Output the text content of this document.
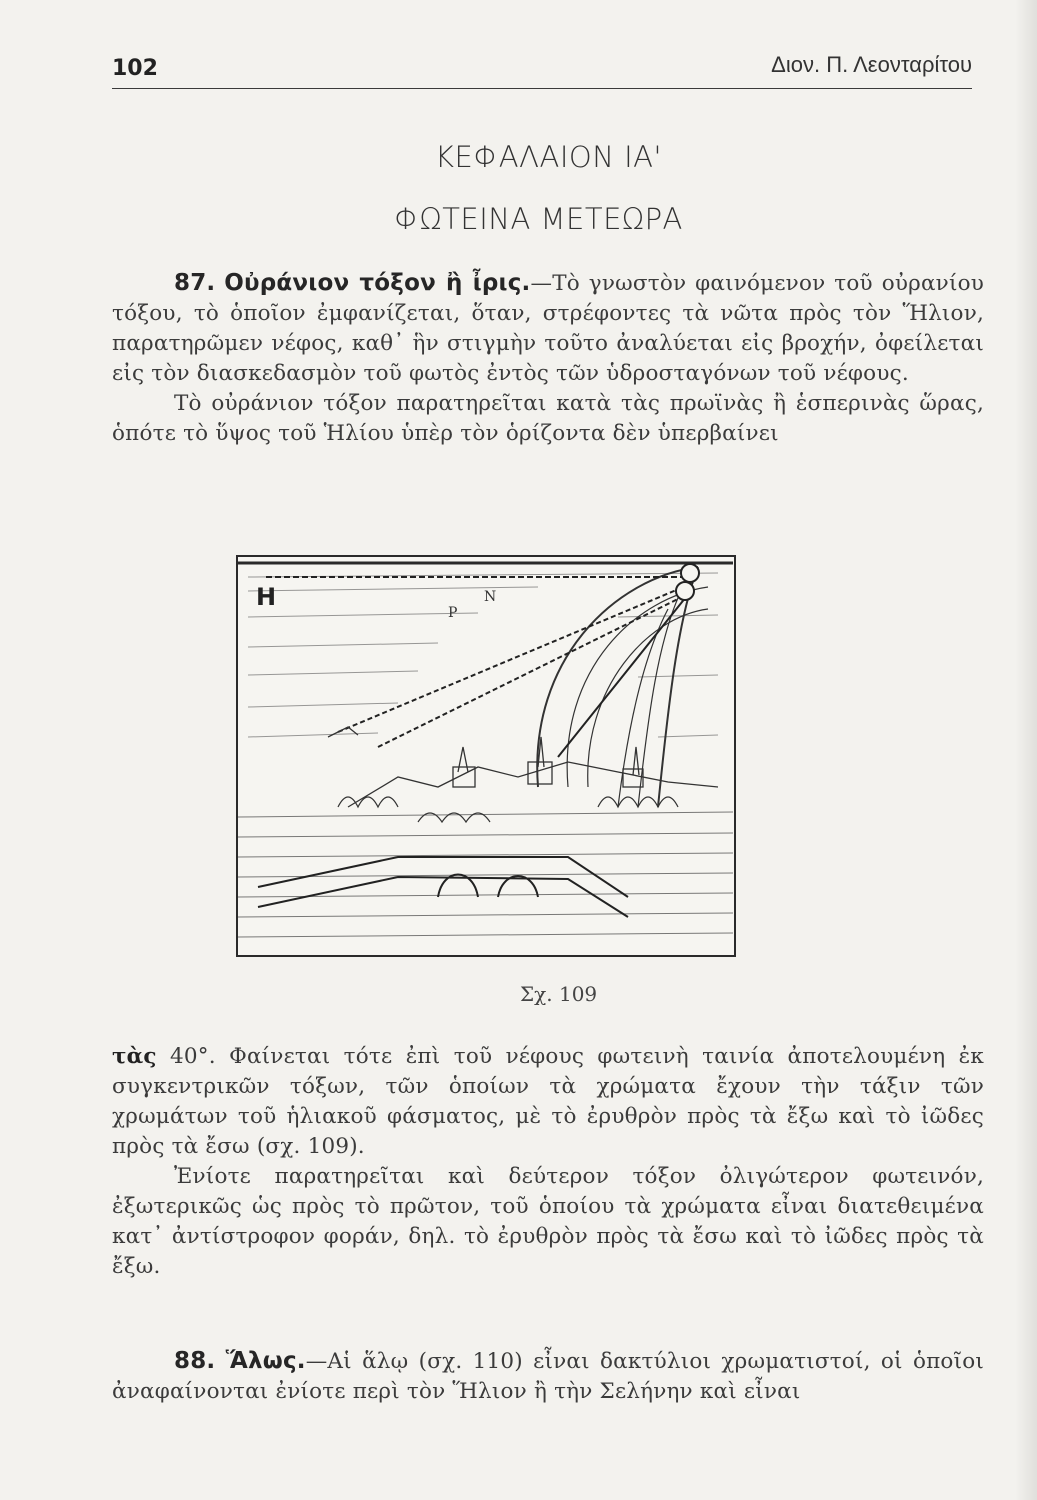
102	Διον. Π. Λεονταρίτου
ΚΕΦΑΛΑΙΟΝ ΙΑ'
ΦΩΤΕΙΝΑ ΜΕΤΕΩΡΑ

87. Οὐράνιον τόξον ἢ ἶρις.—Τὸ γνωστὸν φαινόμενον τοῦ οὐρανίου τόξου, τὸ ὁποῖον ἐμφανίζεται, ὅταν, στρέφοντες τὰ νῶτα πρὸς τὸν Ἥλιον, παρατηρῶμεν νέφος, καθ᾿ ἣν στιγμὴν τοῦτο ἀναλύεται εἰς βροχήν, ὀφείλεται εἰς τὸν διασκεδασμὸν τοῦ φωτὸς ἐντὸς τῶν ὑδροσταγόνων τοῦ νέφους.

Τὸ οὐράνιον τόξον παρατηρεῖται κατὰ τὰς πρωϊνὰς ἢ ἑσπερινὰς ὥρας, ὁπότε τὸ ὕψος τοῦ Ἡλίου ὑπὲρ τὸν ὁρίζοντα δὲν ὑπερβαίνει

Η
Ρ
Ν
Σχ. 109

τὰς 40°. Φαίνεται τότε ἐπὶ τοῦ νέφους φωτεινὴ ταινία ἀποτελουμένη ἐκ συγκεντρικῶν τόξων, τῶν ὁποίων τὰ χρώματα ἔχουν τὴν τάξιν τῶν χρωμάτων τοῦ ἡλιακοῦ φάσματος, μὲ τὸ ἐρυθρὸν πρὸς τὰ ἔξω καὶ τὸ ἰῶδες πρὸς τὰ ἔσω (σχ. 109).

Ἐνίοτε παρατηρεῖται καὶ δεύτερον τόξον ὀλιγώτερον φωτεινόν, ἐξωτερικῶς ὡς πρὸς τὸ πρῶτον, τοῦ ὁποίου τὰ χρώματα εἶναι διατεθειμένα κατ᾿ ἀντίστροφον φοράν, δηλ. τὸ ἐρυθρὸν πρὸς τὰ ἔσω καὶ τὸ ἰῶδες πρὸς τὰ ἔξω.

88. Ἅλως.—Αἱ ἅλῳ (σχ. 110) εἶναι δακτύλιοι χρωματιστοί, οἱ ὁποῖοι ἀναφαίνονται ἐνίοτε περὶ τὸν Ἥλιον ἢ τὴν Σελήνην καὶ εἶναι
